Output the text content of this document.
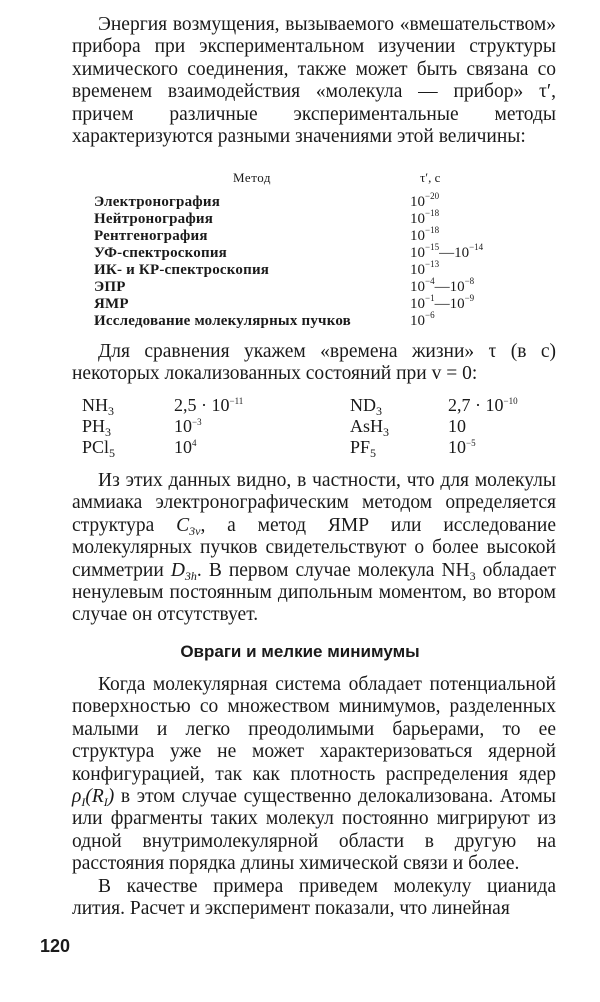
Энергия возмущения, вызываемого «вмешательством» прибора при экспериментальном изучении структуры химического соединения, также может быть связана со временем взаимодействия «молекула — прибор» τ′, причем различные экспериментальные методы характеризуются разными значениями этой величины:

Метод	τ′, с
Электронография	$10^{-20}$
Нейтронография	$10^{-18}$
Рентгенография	$10^{-18}$
УФ-спектроскопия	$10^{-15}—10^{-14}$
ИК- и КР-спектроскопия	$10^{-13}$
ЭПР	$10^{-4}—10^{-8}$
ЯМР	$10^{-1}—10^{-9}$
Исследование молекулярных пучков	$10^{-6}$

Для сравнения укажем «времена жизни» τ (в с) некоторых локализованных состояний при v = 0:

$NH_3$	$2,5 \cdot 10^{-11}$	$ND_3$	$2,7 \cdot 10^{-10}$
$PH_3$	$10^{-3}$	AsH$_3$	10
PCl$_5$	$10^4$	$PF_5$	$10^{-5}$

Из этих данных видно, в частности, что для молекулы аммиака электронографическим методом определяется структура $C_{3v}$, а метод ЯМР или исследование молекулярных пучков свидетельствуют о более высокой симметрии $D_{3h}$. В первом случае молекула $NH_3$ обладает ненулевым постоянным дипольным моментом, во втором случае он отсутствует.

Овраги и мелкие минимумы

Когда молекулярная система обладает потенциальной поверхностью со множеством минимумов, разделенных малыми и легко преодолимыми барьерами, то ее структура уже не может характеризоваться ядерной конфигурацией, так как плотность распределения ядер $\rho_I(R_I)$ в этом случае существенно делокализована. Атомы или фрагменты таких молекул постоянно мигрируют из одной внутримолекулярной области в другую на расстояния порядка длины химической связи и более.

В качестве примера приведем молекулу цианида лития. Расчет и эксперимент показали, что линейная

120
